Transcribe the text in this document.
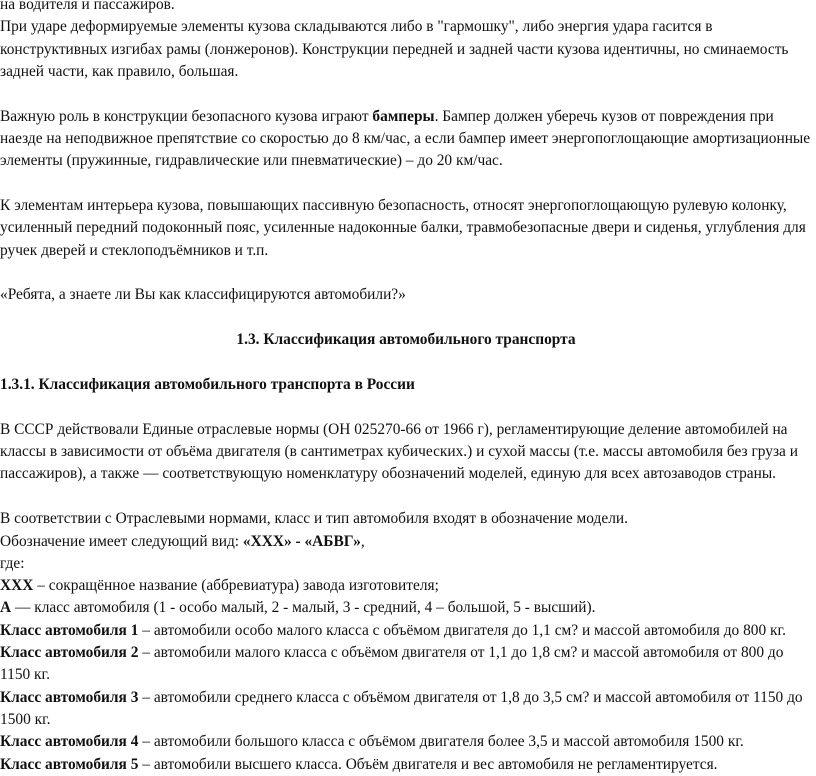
на водителя и пассажиров.

При ударе деформируемые элементы кузова складываются либо в "гармошку", либо энергия удара гасится в конструктивных изгибах рамы (лонжеронов). Конструкции передней и задней части кузова идентичны, но сминаемость задней части, как правило, большая.

Важную роль в конструкции безопасного кузова играют бамперы. Бампер должен уберечь кузов от повреждения при наезде на неподвижное препятствие со скоростью до 8 км/час, а если бампер имеет энергопоглощающие амортизационные элементы (пружинные, гидравлические или пневматические) – до 20 км/час.

К элементам интерьера кузова, повышающих пассивную безопасность, относят энергопоглощающую рулевую колонку, усиленный передний подоконный пояс, усиленные надоконные балки, травмобезопасные двери и сиденья, углубления для ручек дверей и стеклоподъёмников и т.п.

«Ребята, а знаете ли Вы как классифицируются автомобили?»

1.3. Классификация автомобильного транспорта

1.3.1. Классификация автомобильного транспорта в России

В СССР действовали Единые отраслевые нормы (ОН 025270-66 от 1966 г), регламентирующие деление автомобилей на классы в зависимости от объёма двигателя (в сантиметрах кубических.) и сухой массы (т.е. массы автомобиля без груза и пассажиров), а также — соответствующую номенклатуру обозначений моделей, единую для всех автозаводов страны.

В соответствии с Отраслевыми нормами, класс и тип автомобиля входят в обозначение модели.

Обозначение имеет следующий вид: «XXX» - «АБВГ»,

где:

XXX – сокращённое название (аббревиатура) завода изготовителя;

А — класс автомобиля (1 - особо малый, 2 - малый, 3 - средний, 4 – большой, 5 - высший).

Класс автомобиля 1 – автомобили особо малого класса с объёмом двигателя до 1,1 см? и массой автомобиля до 800 кг.

Класс автомобиля 2 – автомобили малого класса с объёмом двигателя от 1,1 до 1,8 см? и массой автомобиля от 800 до 1150 кг.

Класс автомобиля 3 – автомобили среднего класса с объёмом двигателя от 1,8 до 3,5 см? и массой автомобиля от 1150 до 1500 кг.

Класс автомобиля 4 – автомобили большого класса с объёмом двигателя более 3,5 и массой автомобиля 1500 кг.

Класс автомобиля 5 – автомобили высшего класса. Объём двигателя и вес автомобиля не регламентируется.
